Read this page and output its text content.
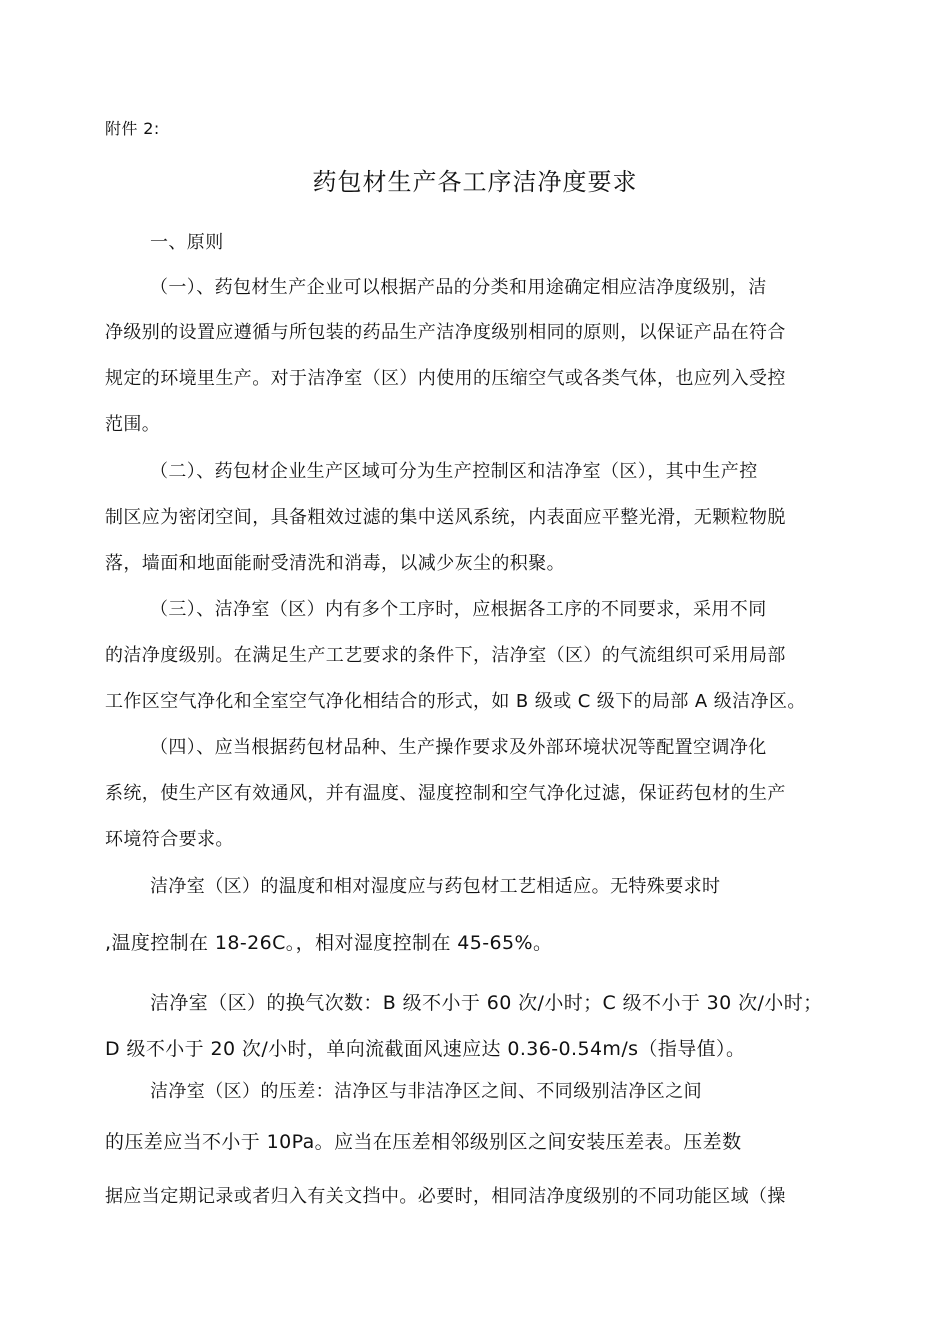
附件 2:
药包材生产各工序洁净度要求
一、原则
（一）、药包材生产企业可以根据产品的分类和用途确定相应洁净度级别，洁
净级别的设置应遵循与所包装的药品生产洁净度级别相同的原则，以保证产品在符合
规定的环境里生产。对于洁净室（区）内使用的压缩空气或各类气体，也应列入受控
范围。
（二）、药包材企业生产区域可分为生产控制区和洁净室（区），其中生产控
制区应为密闭空间，具备粗效过滤的集中送风系统，内表面应平整光滑，无颗粒物脱
落，墙面和地面能耐受清洗和消毒，以减少灰尘的积聚。
（三）、洁净室（区）内有多个工序时，应根据各工序的不同要求，采用不同
的洁净度级别。在满足生产工艺要求的条件下，洁净室（区）的气流组织可采用局部
工作区空气净化和全室空气净化相结合的形式，如 B 级或 C 级下的局部 A 级洁净区。
（四）、应当根据药包材品种、生产操作要求及外部环境状况等配置空调净化
系统，使生产区有效通风，并有温度、湿度控制和空气净化过滤，保证药包材的生产
环境符合要求。
洁净室（区）的温度和相对湿度应与药包材工艺相适应。无特殊要求时
,温度控制在 18-26C。，相对湿度控制在 45-65%。
洁净室（区）的换气次数：B 级不小于 60 次/小时；C 级不小于 30 次/小时；
D 级不小于 20 次/小时，单向流截面风速应达 0.36-0.54m/s（指导值）。
洁净室（区）的压差：洁净区与非洁净区之间、不同级别洁净区之间
的压差应当不小于 10Pa。应当在压差相邻级别区之间安装压差表。压差数
据应当定期记录或者归入有关文挡中。必要时，相同洁净度级别的不同功能区域（操
